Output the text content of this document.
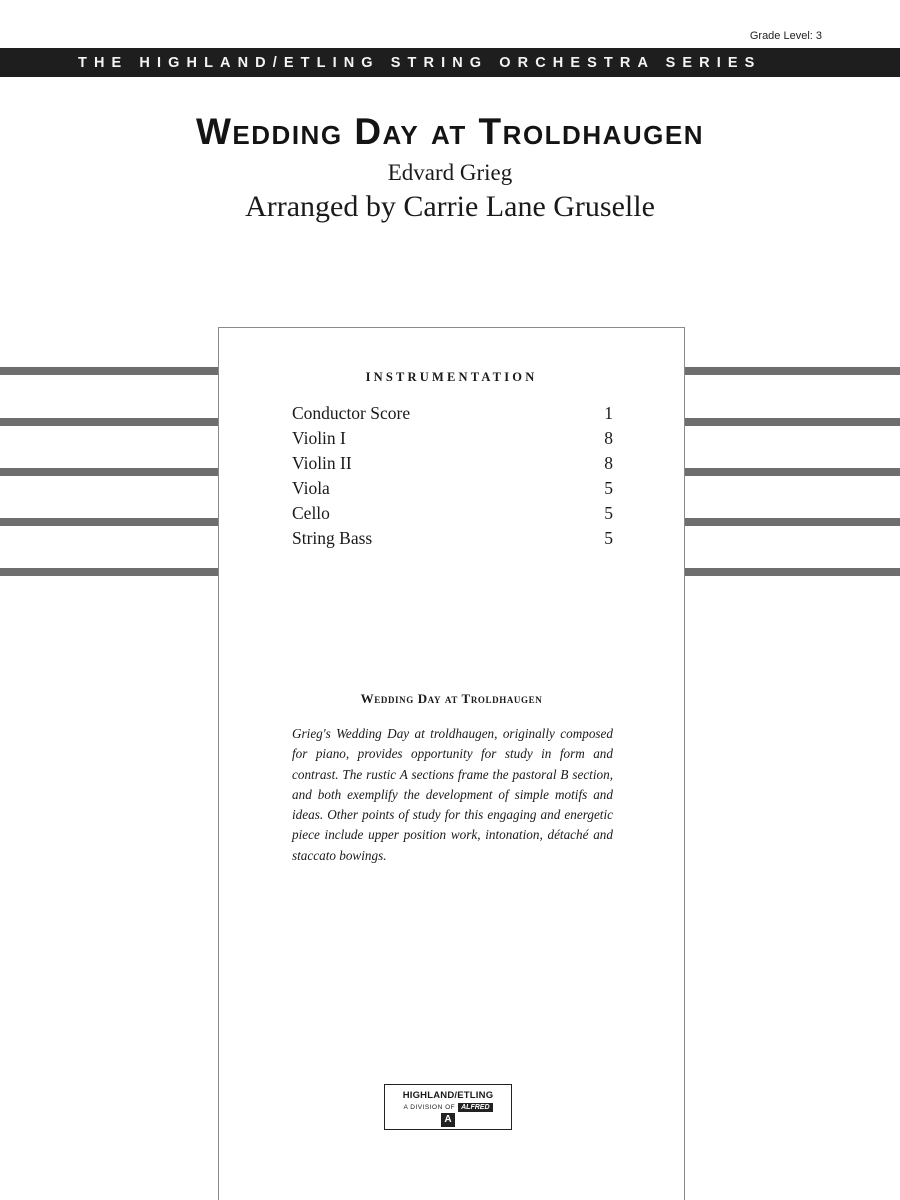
Grade Level: 3
THE HIGHLAND/ETLING STRING ORCHESTRA SERIES
Wedding Day at Troldhaugen

Edvard Grieg

Arranged by Carrie Lane Gruselle

INSTRUMENTATION
Conductor Score	1
Violin I	8
Violin II	8
Viola	5
Cello	5
String Bass	5
Wedding Day at Troldhaugen

Grieg's Wedding Day at troldhaugen, originally composed for piano, provides opportunity for study in form and contrast. The rustic A sections frame the pastoral B section, and both exemplify the development of simple motifs and ideas. Other points of study for this engaging and energetic piece include upper position work, intonation, détaché and staccato bowings.

HIGHLAND/ETLING
A DIVISION OF ALFRED
A
